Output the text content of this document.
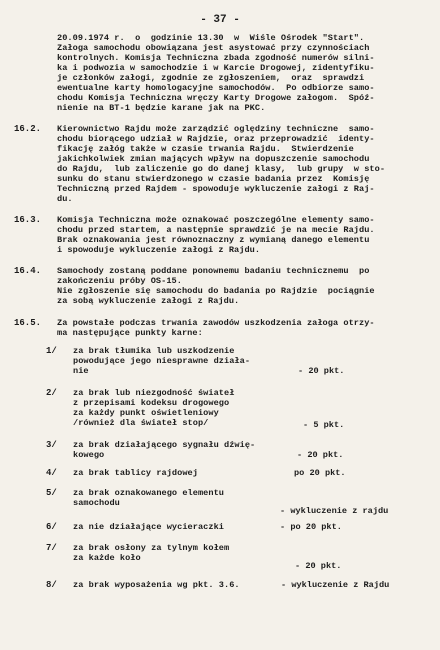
- 37 -
20.09.1974 r.  o  godzinie 13.30  w  Wiśle Ośrodek "Start".
Załoga samochodu obowiązana jest asystować przy czynnościach
kontrolnych. Komisja Techniczna zbada zgodność numerów silni-
ka i podwozia w samochodzie i w Karcie Drogowej, zidentyfiku-
je członków załogi, zgodnie ze zgłoszeniem,  oraz  sprawdzi
ewentualne karty homologacyjne samochodów.  Po odbiorze samo-
chodu Komisja Techniczna wręczy Karty Drogowe załogom.  Spóź-
nienie na BT-1 będzie karane jak na PKC.
16.2. Kierownictwo Rajdu może zarządzić oględziny techniczne  samo-
chodu biorącego udział w Rajdzie, oraz przeprowadzić  identy-
fikację załóg także w czasie trwania Rajdu.  Stwierdzenie
jakichkolwiek zmian mających wpływ na dopuszczenie samochodu
do Rajdu,  lub zaliczenie go do danej klasy,  lub grupy  w sto-
sunku do stanu stwierdzonego w czasie badania przez  Komisję
Techniczną przed Rajdem - spowoduje wykluczenie załogi z Raj-
du.
16.3. Komisja Techniczna może oznakować poszczególne elementy samo-
chodu przed startem, a następnie sprawdzić je na mecie Rajdu.
Brak oznakowania jest równoznaczny z wymianą danego elementu
i spowoduje wykluczenie załogi z Rajdu.
16.4. Samochody zostaną poddane ponownemu badaniu technicznemu  po
zakończeniu próby OS-15.
Nie zgłoszenie się samochodu do badania po Rajdzie  pociągnie
za sobą wykluczenie załogi z Rajdu.
16.5. Za powstałe podczas trwania zawodów uszkodzenia załoga otrzy-
ma następujące punkty karne:
1/ za brak tłumika lub uszkodzenie
powodujące jego niesprawne działa-
nie	- 20 pkt.
2/ za brak lub niezgodność świateł
z przepisami kodeksu drogowego
za każdy punkt oświetleniowy
/również dla świateł stop/	- 5 pkt.
3/ za brak działającego sygnału dźwię-
kowego	- 20 pkt.
4/ za brak tablicy rajdowej	po 20 pkt.
5/ za brak oznakowanego elementu
samochodu
- wykluczenie z rajdu
6/ za nie działające wycieraczki	- po 20 pkt.
7/ za brak osłony za tylnym kołem
za każde koło
- 20 pkt.
8/ za brak wyposażenia wg pkt. 3.6.	- wykluczenie z Rajdu
